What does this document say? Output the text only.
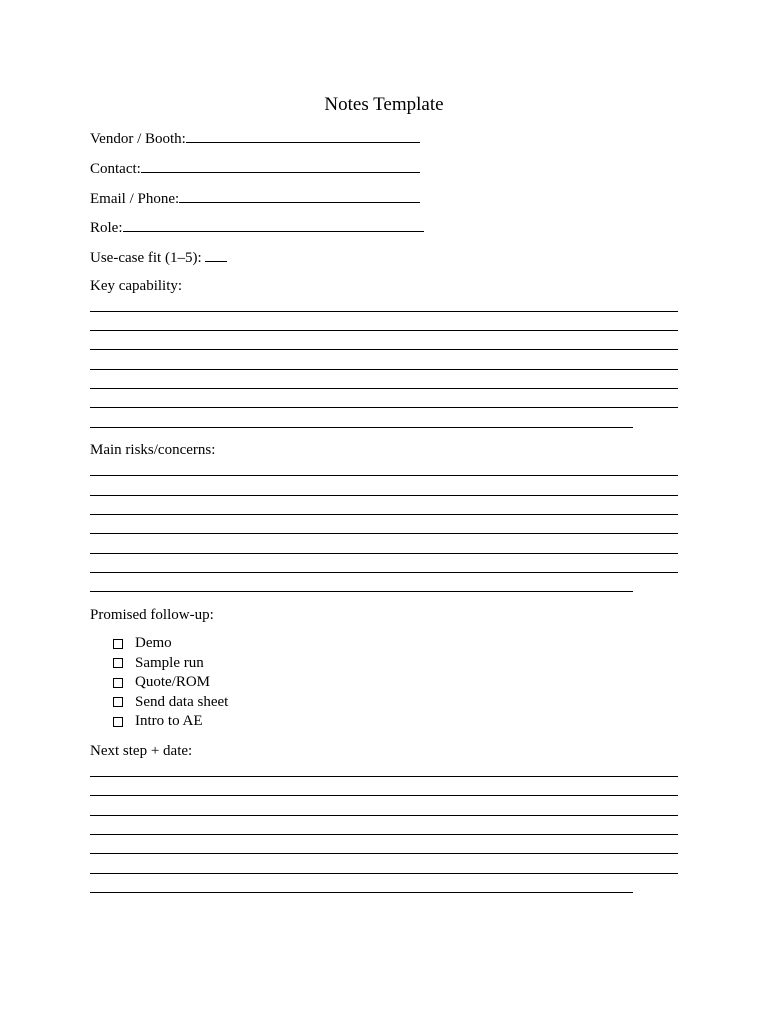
Notes Template
Vendor / Booth:
Contact:
Email / Phone:
Role:
Use-case fit (1–5):
Key capability:
Main risks/concerns:
Promised follow-up:
Demo
Sample run
Quote/ROM
Send data sheet
Intro to AE
Next step + date:
